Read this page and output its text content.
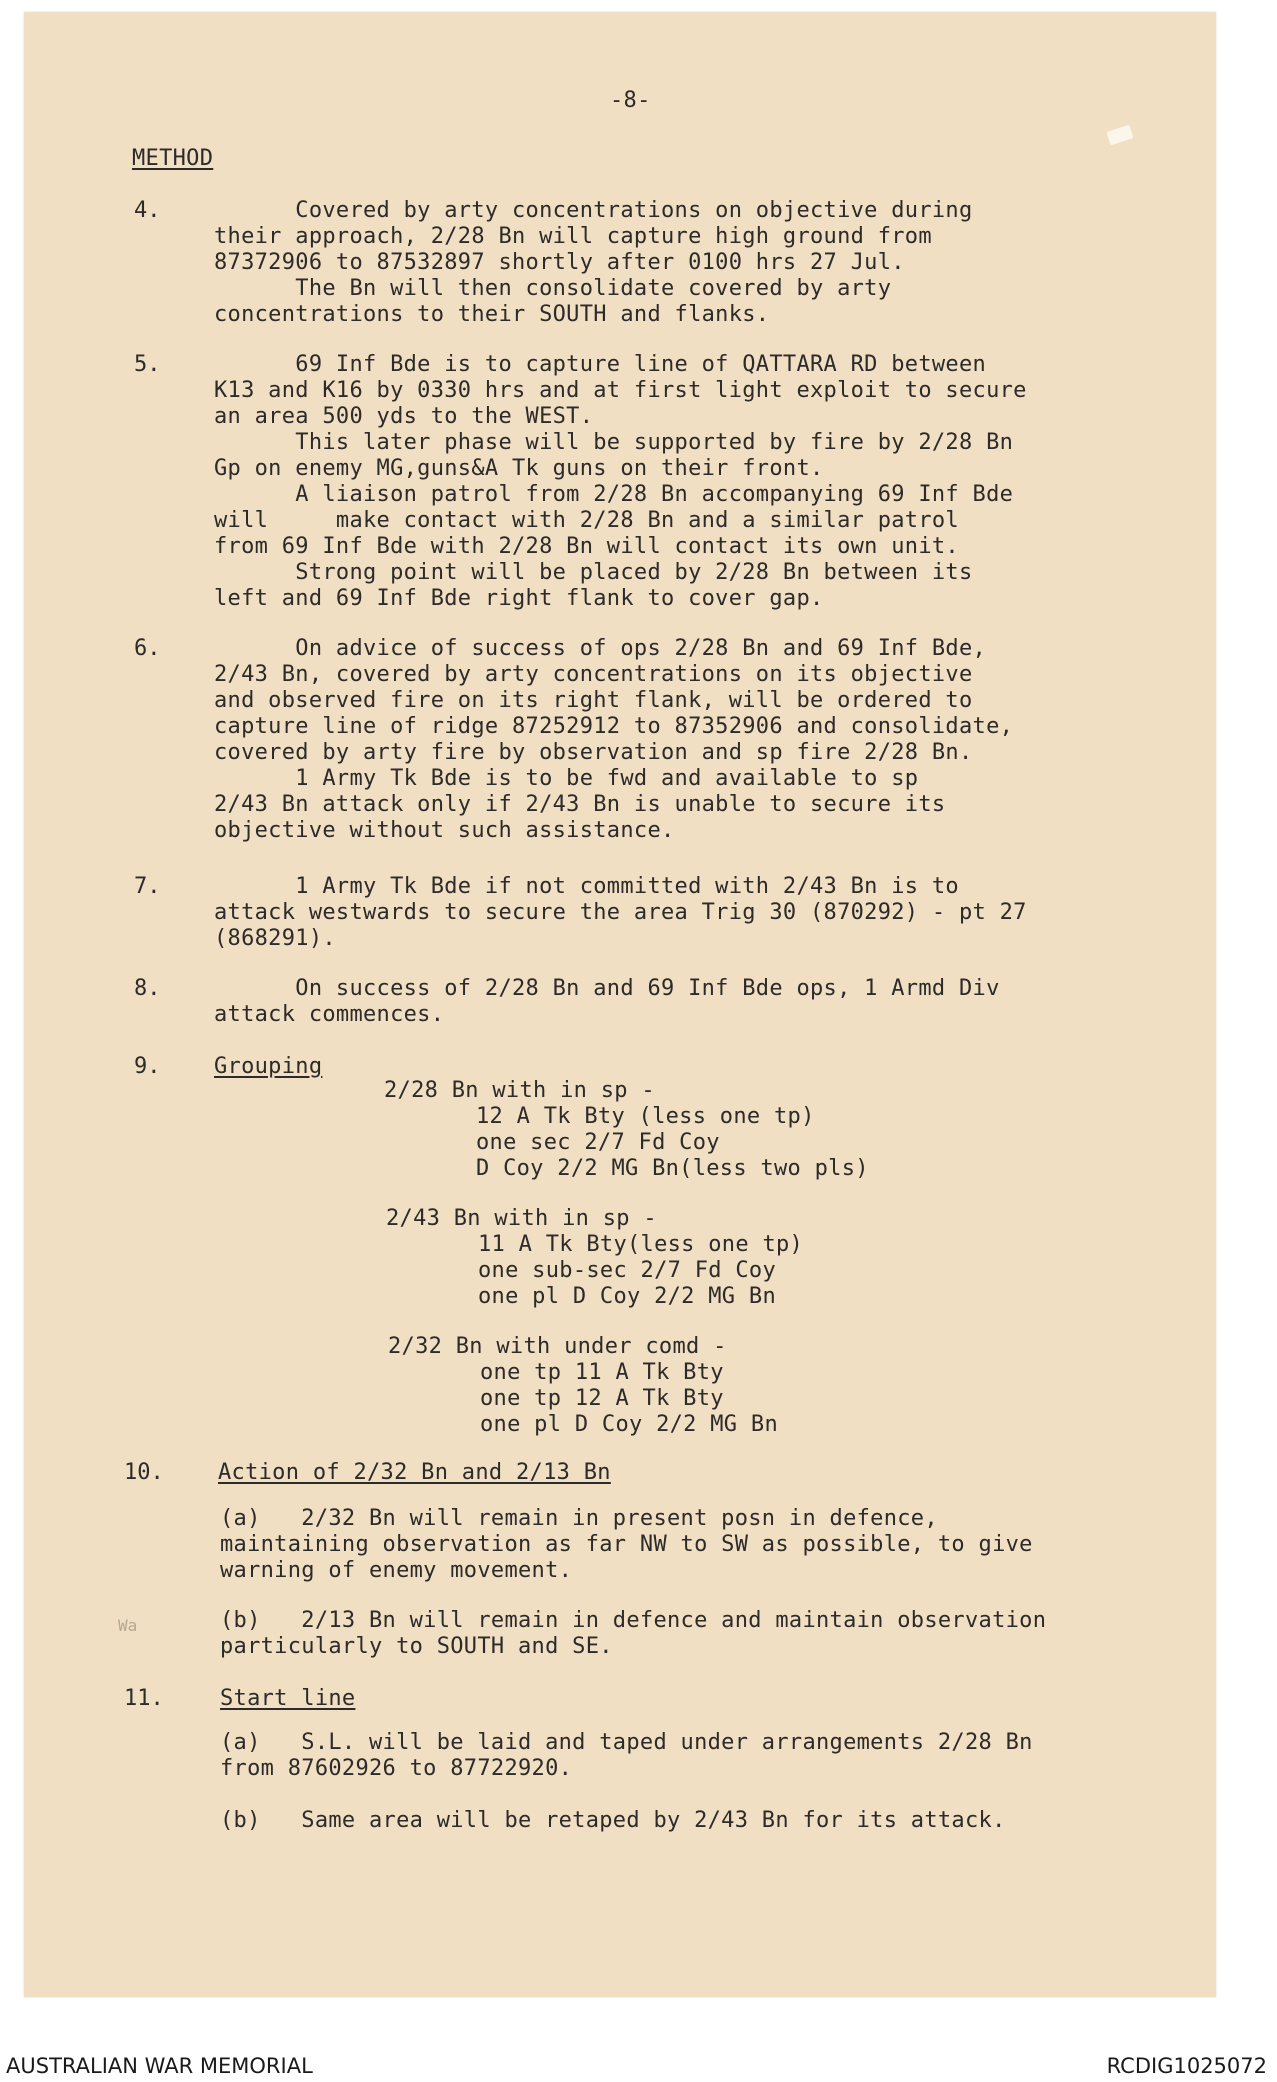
-8-
METHOD
4. Covered by arty concentrations on objective during
their approach, 2/28 Bn will capture high ground from
87372906 to 87532897 shortly after 0100 hrs 27 Jul.
The Bn will then consolidate covered by arty
concentrations to their SOUTH and flanks.
5. 69 Inf Bde is to capture line of QATTARA RD between
K13 and K16 by 0330 hrs and at first light exploit to secure
an area 500 yds to the WEST.
This later phase will be supported by fire by 2/28 Bn
Gp on enemy MG,guns&A Tk guns on their front.
A liaison patrol from 2/28 Bn accompanying 69 Inf Bde
will     make contact with 2/28 Bn and a similar patrol
from 69 Inf Bde with 2/28 Bn will contact its own unit.
Strong point will be placed by 2/28 Bn between its
left and 69 Inf Bde right flank to cover gap.
6. On advice of success of ops 2/28 Bn and 69 Inf Bde,
2/43 Bn, covered by arty concentrations on its objective
and observed fire on its right flank, will be ordered to
capture line of ridge 87252912 to 87352906 and consolidate,
covered by arty fire by observation and sp fire 2/28 Bn.
1 Army Tk Bde is to be fwd and available to sp
2/43 Bn attack only if 2/43 Bn is unable to secure its
objective without such assistance.
7. 1 Army Tk Bde if not committed with 2/43 Bn is to
attack westwards to secure the area Trig 30 (870292) - pt 27
(868291).
8. On success of 2/28 Bn and 69 Inf Bde ops, 1 Armd Div
attack commences.
9. Grouping
2/28 Bn with in sp -
12 A Tk Bty (less one tp)
one sec 2/7 Fd Coy
D Coy 2/2 MG Bn(less two pls)
2/43 Bn with in sp -
11 A Tk Bty(less one tp)
one sub-sec 2/7 Fd Coy
one pl D Coy 2/2 MG Bn
2/32 Bn with under comd -
one tp 11 A Tk Bty
one tp 12 A Tk Bty
one pl D Coy 2/2 MG Bn
10. Action of 2/32 Bn and 2/13 Bn
(a)   2/32 Bn will remain in present posn in defence,
maintaining observation as far NW to SW as possible, to give
warning of enemy movement.
Wa	(b)   2/13 Bn will remain in defence and maintain observation
particularly to SOUTH and SE.
11.	Start line
(a)   S.L. will be laid and taped under arrangements 2/28 Bn
from 87602926 to 87722920.
(b)   Same area will be retaped by 2/43 Bn for its attack.
AUSTRALIAN WAR MEMORIAL	RCDIG1025072
